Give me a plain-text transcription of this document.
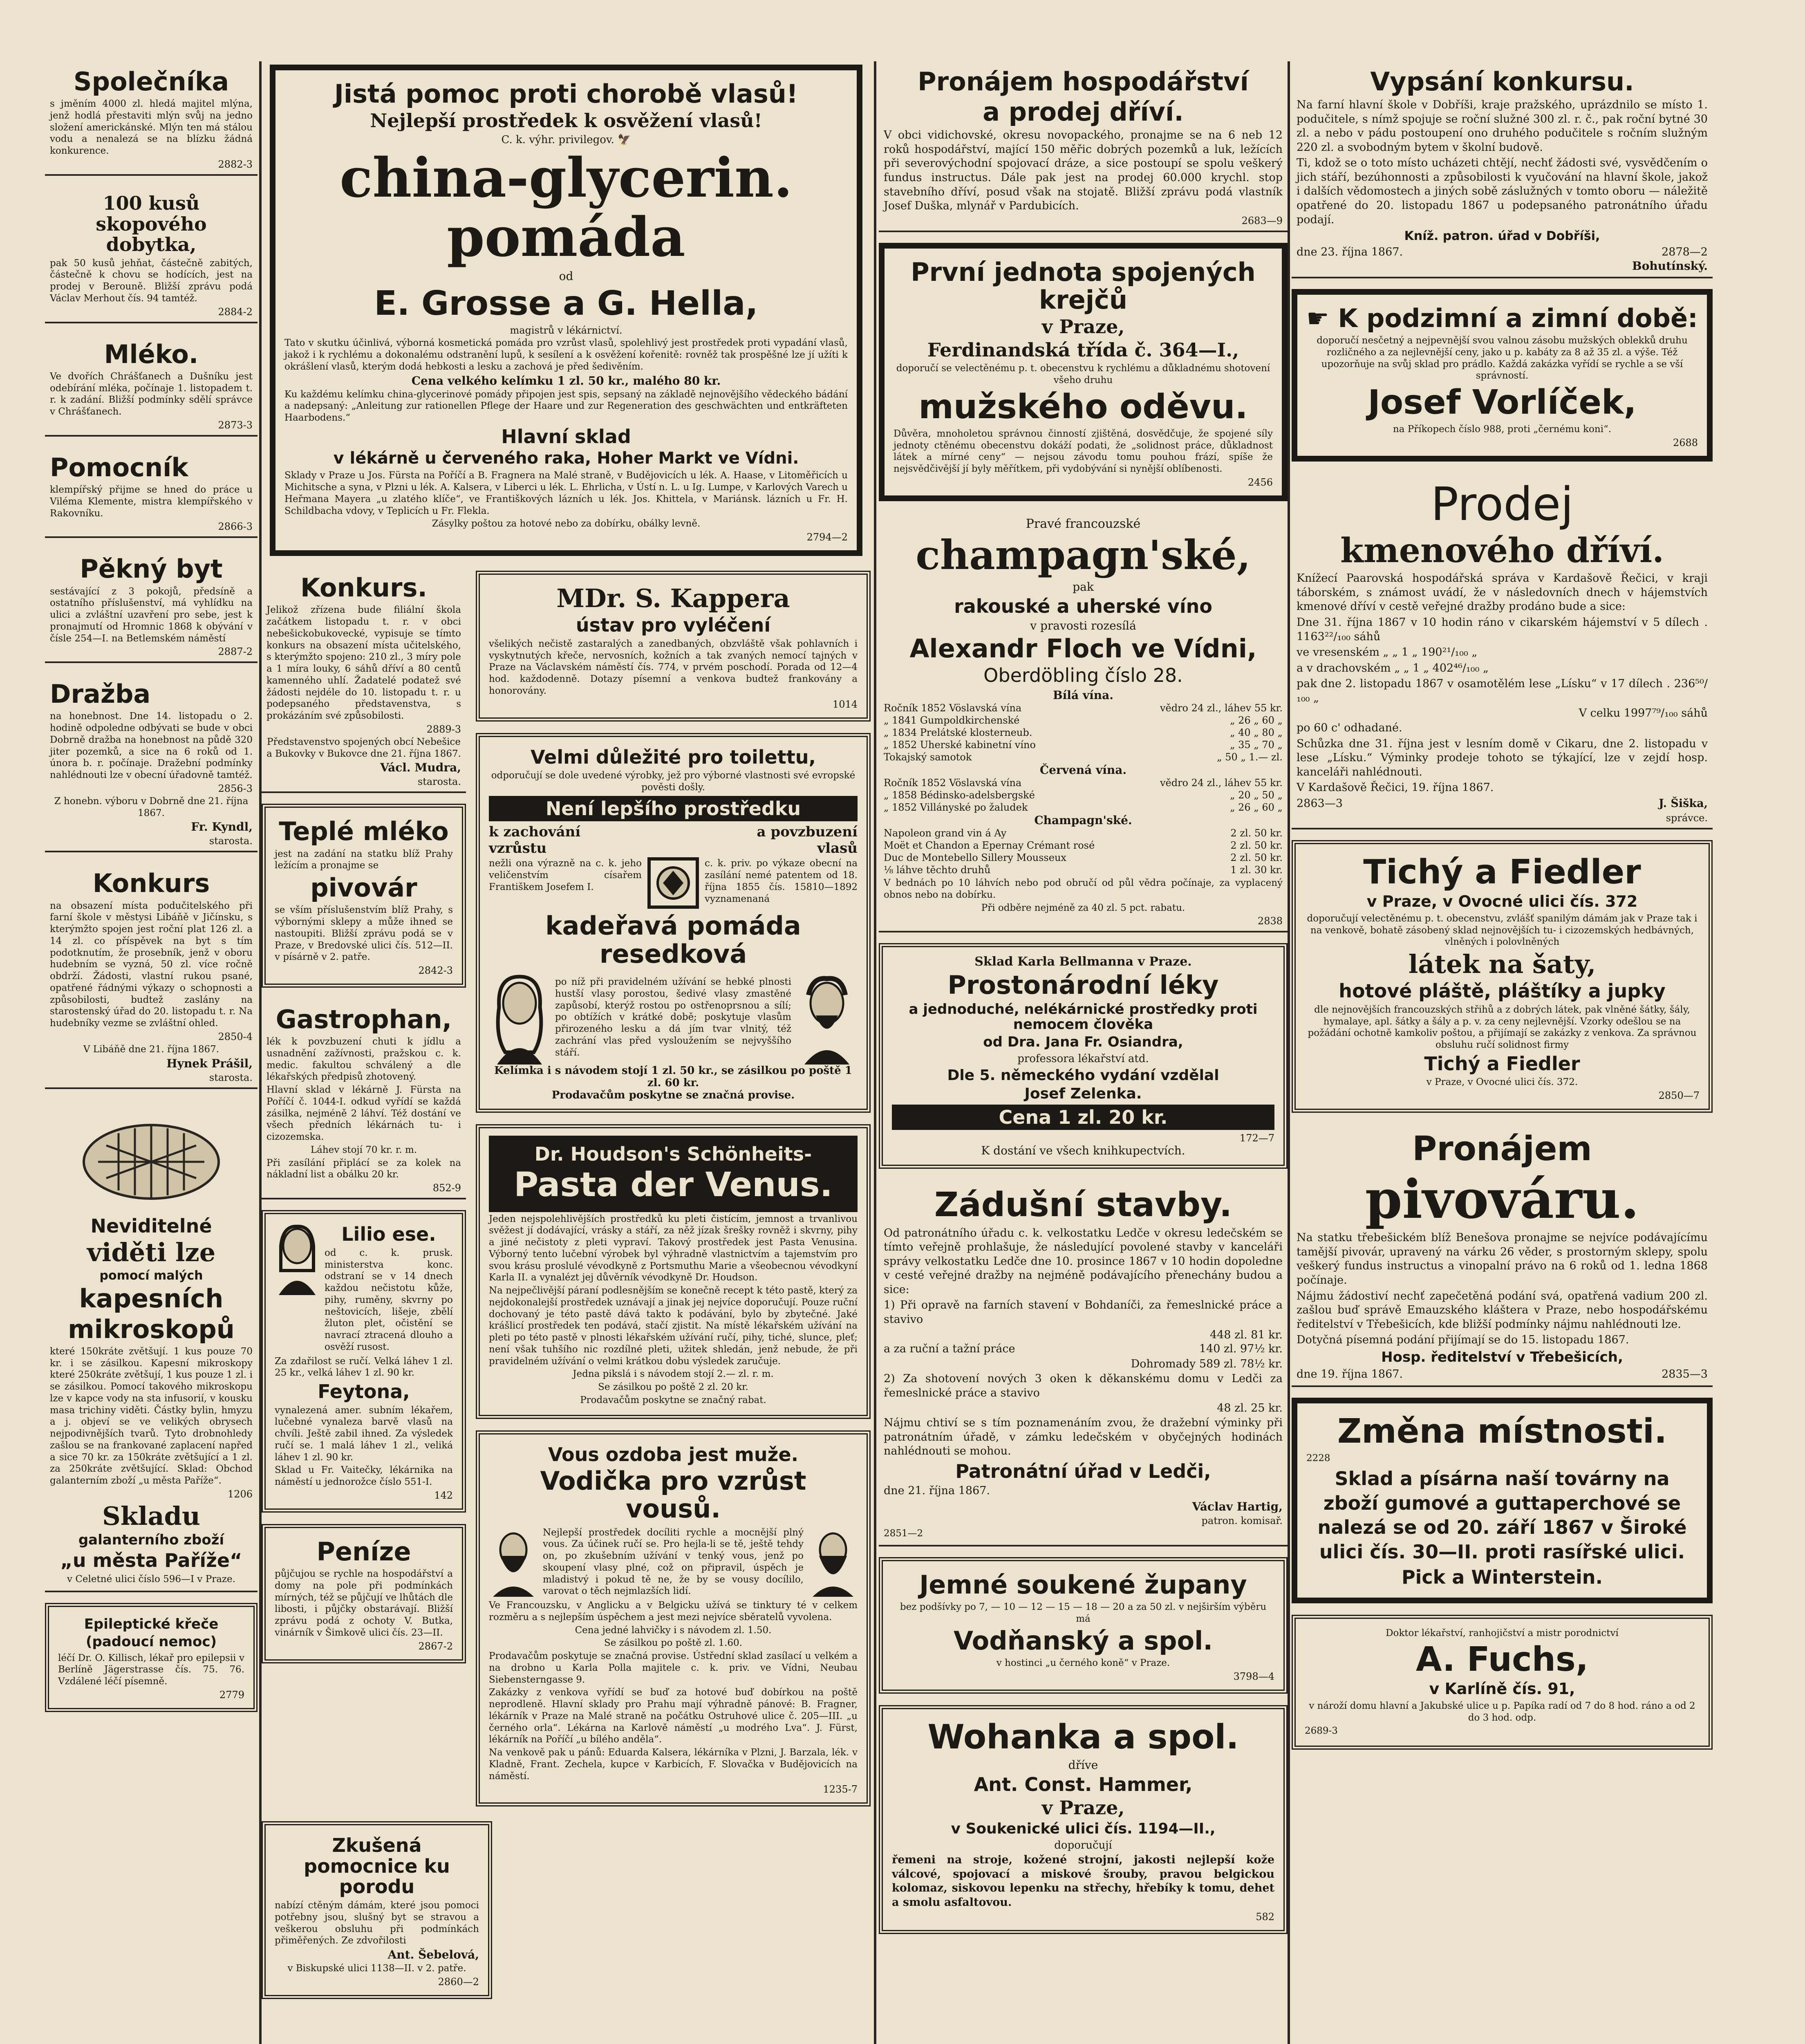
Společníka
s jměním 4000 zl. hledá majitel mlýna, jenž hodlá přestaviti mlýn svůj na jedno složení americkánské. Mlýn ten má stálou vodu a nenalezá se na blízku žádná konkurence.
2882-3
100 kusů skopového dobytka,
pak 50 kusů jehňat, částečně zabitých, částečně k chovu se hodících, jest na prodej v Berouně. Bližší zprávu podá Václav Merhout čís. 94 tamtéž.
2884-2
Mléko.
Ve dvořích Chrášťanech a Dušníku jest odebírání mléka, počínaje 1. listopadem t. r. k zadání. Bližší podmínky sdělí správce v Chrášťanech.
2873-3
Pomocník
klempířský přijme se hned do práce u Viléma Klemente, mistra klempířského v Rakovníku.
2866-3
Pěkný byt
sestávající z 3 pokojů, předsíně a ostatního příslušenství, má vyhlídku na ulici a zvláštní uzavření pro sebe, jest k pronajmutí od Hromnic 1868 k obývání v čísle 254—I. na Betlemském náměstí
2887-2
Dražba
na honebnost. Dne 14. listopadu o 2. hodině odpoledne odbývati se bude v obci Dobrně dražba na honebnost na půdě 320 jiter pozemků, a sice na 6 roků od 1. února b. r. počínaje. Dražební podmínky nahlédnouti lze v obecní úřadovně tamtéž.
2856-3
Z honebn. výboru v Dobrně dne 21. října 1867.
Fr. Kyndl,
starosta.
Konkurs
na obsazení místa podučitelského při farní škole v městysi Libáňě v Jičínsku, s kterýmžto spojen jest roční plat 126 zl. a 14 zl. co příspěvek na byt s tím podotknutím, že prosebník, jenž v oboru hudebním se vyzná, 50 zl. více ročně obdrží. Žádosti, vlastní rukou psané, opatřené řádnými výkazy o schopnosti a způsobilosti, budtež zaslány na starostenský úřad do 20. listopadu t. r. Na hudebníky vezme se zvláštní ohled.
2850-4
V Libáňě dne 21. října 1867.
Hynek Prášil,
starosta.
Neviditelné
viděti lze
pomocí malých
kapesních
mikroskopů
které 150kráte zvětšují. 1 kus pouze 70 kr. i se zásilkou. Kapesní mikroskopy které 250kráte zvětšují, 1 kus pouze 1 zl. i se zásilkou. Pomocí takového mikroskopu lze v kapce vody na sta infusorií, v kousku masa trichiny viděti. Částky bylin, hmyzu a j. objeví se ve velikých obrysech nejpodivnějších tvarů. Tyto drobnohledy zašlou se na frankované zaplacení napřed a sice 70 kr. za 150kráte zvětšující a 1 zl. za 250kráte zvětšující. Sklad: Obchod galanterním zboží „u města Paříže“.
1206
Skladu
galanterního zboží
„u města Paříže“
v Celetné ulici číslo 596—I v Praze.
Epileptické křeče
(padoucí nemoc)
léčí Dr. O. Killisch, lékař pro epilepsii v Berlíně Jägerstrasse čís. 75. 76. Vzdálené léčí písemně.
2779
Jistá pomoc proti chorobě vlasů!
Nejlepší prostředek k osvěžení vlasů!
C. k. výhr. privilegov. 🦅
china-glycerin. pomáda
od
E. Grosse a G. Hella,
magistrů v lékárnictví.
Tato v skutku účinlivá, výborná kosmetická pomáda pro vzrůst vlasů, spolehlivý jest prostředek proti vypadání vlasů, jakož i k rychlému a dokonalému odstranění lupů, k sesílení a k osvěžení kořenitě: rovněž tak prospěšné lze jí užíti k okrášlení vlasů, kterým dodá hebkosti a lesku a zachová je před šedivěním.
Cena velkého kelímku 1 zl. 50 kr., malého 80 kr.
Ku každému kelímku china-glycerinové pomády připojen jest spis, sepsaný na základě nejnovějšího vědeckého bádání a nadepsaný: „Anleitung zur rationellen Pflege der Haare und zur Regeneration des geschwächten und entkräfteten Haarbodens.“
Hlavní sklad
v lékárně u červeného raka, Hoher Markt ve Vídni.
Sklady v Praze u Jos. Fürsta na Poříčí a B. Fragnera na Malé straně, v Budějovicích u lék. A. Haase, v Litoměřicích u Michitsche a syna, v Plzni u lék. A. Kalsera, v Liberci u lék. L. Ehrlicha, v Ústí n. L. u Ig. Lumpe, v Karlových Varech u Heřmana Mayera „u zlatého klíče“, ve Františkových lázních u lék. Jos. Khittela, v Mariánsk. lázních u Fr. H. Schildbacha vdovy, v Teplicích u Fr. Flekla.
Zásylky poštou za hotové nebo za dobírku, obálky levně.
2794—2
Konkurs.
Jelikož zřízena bude filiální škola začátkem listopadu t. r. v obci nebešickobukovecké, vypisuje se tímto konkurs na obsazení místa učitelského, s kterýmžto spojeno: 210 zl., 3 míry pole a 1 míra louky, 6 sáhů dříví a 80 centů kamenného uhlí. Žadatelé podatež své žádosti nejdéle do 10. listopadu t. r. u podepsaného představenstva, s prokázáním své způsobilosti.
2889-3
Představenstvo spojených obcí Nebešice a Bukovky v Bukovce dne 21. října 1867.
Václ. Mudra,
starosta.
Teplé mléko
jest na zadání na statku blíž Prahy ležícím a pronajme se
pivovár
se vším příslušenstvím blíž Prahy, s výbornými sklepy a může ihned se nastoupiti. Bližší zprávu podá se v Praze, v Bredovské ulici čís. 512—II. v písárně v 2. patře.
2842-3
Gastrophan,
lék k povzbuzení chuti k jídlu a usnadnění zažívnosti, pražskou c. k. medic. fakultou schválený a dle lékařských předpisů zhotovený.
Hlavní sklad v lékárně J. Fürsta na Poříčí č. 1044-I. odkud vyřídí se každá zásilka, nejméně 2 láhví. Též dostání ve všech předních lékárnách tu- i cizozemska.
Láhev stojí 70 kr. r. m.
Při zasílání připlácí se za kolek na nákladní list a obálku 20 kr.
852-9
Lilio ese.
od c. k. prusk. ministerstva konc. odstraní se v 14 dnech každou nečistotu kůže, pihy, ruměny, skvrny po neštovicích, lišeje, zbělí žluton plet, očistění se navrací ztracená dlouho a osvěží rusost.
Za zdařilost se ručí. Velká láhev 1 zl. 25 kr., velká láhev 1 zl. 90 kr.
Feytona,
vynalezená amer. subním lékařem, lučebné vynaleza barvě vlasů na chvíli. Ještě zabil ihned. Za výsledek ručí se. 1 malá láhev 1 zl., veliká láhev 1 zl. 90 kr.
Sklad u Fr. Vaitečky, lékárnika na náměstí u jednorožce číslo 551-I.
142
Peníze
půjčujou se rychle na hospodářství a domy na pole při podmínkách mírných, též se půjčují ve lhůtách dle libosti, i půjčky obstarávají. Bližší zprávu podá z ochoty V. Butka, vinárník v Šimkově ulici čís. 23—II.
2867-2
MDr. S. Kappera
ústav pro vyléčení
všelikých nečistě zastaralých a zanedbaných, obzvláště však pohlavních i vyskytnutých křeče, nervosních, kožních a tak zvaných nemocí tajných v Praze na Václavském náměstí čís. 774, v prvém poschodí. Porada od 12—4 hod. každodenně. Dotazy písemní a venkova budtež frankovány a honorovány.
1014
Velmi důležité pro toilettu,
odporučují se dole uvedené výrobky, jež pro výborné vlastnosti své evropské pověsti došly.
Není lepšího prostředku
k zachování	a povzbuzení
vzrůstu	vlasů
nežli ona výrazně na c. k. jeho veličenstvím císařem Františkem Josefem I.
c. k. priv. po výkaze obecní na zasílání nemé patentem od 18. října 1855 čís. 15810—1892 vyznamenaná
kadeřavá pomáda resedková
po níž při pravidelném užívání se hebké plnosti hustší vlasy porostou, šedivé vlasy zmastěné zapůsobí, kterýž rostou po ostřenoprsnou a sílí; po obtížích v krátké době; poskytuje vlasům přirozeného lesku a dá jím tvar vlnitý, též zachrání vlas před vysloužením se nejvyššího stáří.
Kelímka i s návodem stojí 1 zl. 50 kr., se zásilkou po poště 1 zl. 60 kr.
Prodavačům poskytne se značná provise.
Dr. Houdson's Schönheits-
Pasta der Venus.
Jeden nejspolehlivějších prostředků ku pleti čistícím, jemnost a trvanlivou svěžest jí dodávající, vrásky a stáří, za něž jízak šrešky rovněž i skvrny, pihy a jiné nečistoty z pleti vypraví. Takový prostředek jest Pasta Venusina. Výborný tento lučební výrobek byl výhradně vlastnictvím a tajemstvím pro svou krásu proslulé vévodkyně z Portsmuthu Marie a všeobecnou vévodkyní Karla II. a vynalézt jej důvěrník vévodkyně Dr. Houdson.
Na nejpečlivější páraní podlesnějším se konečně recept k této pastě, který za nejdokonalejší prostředek uznávají a jinak jej nejvíce doporučují. Pouze ruční dochovaný je této pastě dává takto k podávání, bylo by zbytečné. Jaké krášlicí prostředek ten podává, stačí zjistit. Na místě lékařském užívání na pleti po této pastě v plnosti lékařském užívání ručí, pihy, tiché, slunce, pleť; není však tuhšího nic rozdílné pleti, užitek shledán, jenž nebude, že při pravidelném užívání o velmi krátkou dobu výsledek zaručuje.
Jedna pikslá i s návodem stojí 2.— zl. r. m.
Se zásilkou po poště 2 zl. 20 kr.
Prodavačům poskytne se značný rabat.
Vous ozdoba jest muže.
Vodička pro vzrůst vousů.
Nejlepší prostředek docíliti rychle a mocnější plný vous. Za účinek ručí se. Pro hejla-li se tě, ještě tehdy on, po zkušebním užívání v tenký vous, jenž po skoupení vlasy plné, což on připravil, úspěch je mladistvý i pokud tě ne, že by se vousy docílilo, varovat o těch nejmlazších lidí.
Ve Francouzsku, v Anglicku a v Belgicku užívá se tinktury té v celkem rozměru a s nejlepším úspěchem a jest mezi nejvíce sběratelů vyvolena.
Cena jedné lahvičky i s návodem zl. 1.50.
Se zásilkou po poště zl. 1.60.
Prodavačům poskytuje se značná provise. Ústřední sklad zasílací u velkém a na drobno u Karla Polla majitele c. k. priv. ve Vídni, Neubau Siebensterngasse 9.
Zakázky z venkova vyřídí se buď za hotové buď dobírkou na poště neprodleně. Hlavní sklady pro Prahu mají výhradně pánové: B. Fragner, lékárník v Praze na Malé straně na počátku Ostruhové ulice č. 205—III. „u černého orla“. Lékárna na Karlově náměstí „u modrého Lva“. J. Fürst, lékárník na Poříčí „u bílého anděla“.
Na venkově pak u pánů: Eduarda Kalsera, lékárníka v Plzni, J. Barzala, lék. v Kladně, Frant. Zechela, kupce v Karbicích, F. Slovačka v Budějovicích na náměstí.
1235-7
Zkušená pomocnice ku porodu
nabízí ctěným dámám, které jsou pomoci potřebny jsou, slušný byt se stravou a veškerou obsluhu při podmínkách přiměřených. Ze zdvořilosti
Ant. Šebelová,
v Biskupské ulici 1138—II. v 2. patře.
2860—2
Pronájem hospodářství
a prodej dříví.
V obci vidichovské, okresu novopackého, pronajme se na 6 neb 12 roků hospodářství, mající 150 měřic dobrých pozemků a luk, ležících při severovýchodní spojovací dráze, a sice postoupí se spolu veškerý fundus instructus. Dále pak jest na prodej 60.000 krychl. stop stavebního dříví, posud však na stojatě. Bližší zprávu podá vlastník Josef Duška, mlynář v Pardubicích.
2683—9
První jednota spojených krejčů
v Praze,
Ferdinandská třída č. 364—I.,
doporučí se velectěnému p. t. obecenstvu k rychlému a důkladnému shotovení všeho druhu
mužského oděvu.
Důvěra, mnoholetou správnou činností zjištěná, dosvědčuje, že spojené síly jednoty ctěnému obecenstvu dokáží podati, že „solidnost práce, důkladnost látek a mírné ceny“ — nejsou závodu tomu pouhou frází, spíše že nejsvědčivější jí byly měřítkem, při vydobývání si nynější oblíbenosti.
2456
Pravé francouzské
champagn'ské,
pak
rakouské a uherské víno
v pravosti rozesílá
Alexandr Floch ve Vídni,
Oberdöbling číslo 28.
Bílá vína.
Ročník 1852 Vöslavská vína	vědro 24 zl., láhev 55 kr.
„ 1841 Gumpoldkirchenské	„ 26 „ 60 „
„ 1834 Prelátské klosterneub.	„ 40 „ 80 „
„ 1852 Uherské kabinetní víno	„ 35 „ 70 „
Tokajský samotok	„ 50 „ 1.— zl.
Červená vína.
Ročník 1852 Vöslavská vína	vědro 24 zl., láhev 55 kr.
„ 1858 Bédinsko-adelsbergské	„ 20 „ 50 „
„ 1852 Villányské po žaludek	„ 26 „ 60 „
Champagn'ské.
Napoleon grand vin á Ay	2 zl. 50 kr.
Moët et Chandon a Epernay Crémant rosé	2 zl. 50 kr.
Duc de Montebello Sillery Mousseux	2 zl. 50 kr.
⅛ láhve těchto druhů	1 zl. 30 kr.
V bednách po 10 láhvích nebo pod obručí od půl vědra počínaje, za vyplacený obnos nebo na dobírku.
Při odběre nejméně za 40 zl. 5 pct. rabatu.
2838
Sklad Karla Bellmanna v Praze.
Prostonárodní léky
a jednoduché, nelékárnické prostředky proti nemocem člověka
od Dra. Jana Fr. Osiandra,
professora lékařství atd.
Dle 5. německého vydání vzdělal
Josef Zelenka.
Cena 1 zl. 20 kr.
172—7
K dostání ve všech knihkupectvích.
Zádušní stavby.
Od patronátního úřadu c. k. velkostatku Ledče v okresu ledečském se tímto veřejně prohlašuje, že následující povolené stavby v kanceláři správy velkostatku Ledče dne 10. prosince 1867 v 10 hodin dopoledne v cesté veřejné dražby na nejméně podávajícího přenechány budou a sice:
1) Při opravě na farních stavení v Bohdaníči, za řemeslnické práce a stavivo
448 zl. 81 kr.
a za ruční a tažní práce	140 zl. 97½ kr.
Dohromady 589 zl. 78½ kr.
2) Za shotovení nových 3 oken k děkanskému domu v Ledči za řemeslnické práce a stavivo
48 zl. 25 kr.
Nájmu chtiví se s tím poznamenáním zvou, že dražební výminky při patronátním úřadě, v zámku ledečském v obyčejných hodinách nahlédnouti se mohou.
Patronátní úřad v Ledči,
dne 21. října 1867.
Václav Hartig,
patron. komisař.
2851—2
Jemné soukené župany
bez podšívky po 7, — 10 — 12 — 15 — 18 — 20 a za 50 zl. v nejširším výběru má
Vodňanský a spol.
v hostinci „u černého koně“ v Praze.
3798—4
Wohanka a spol.
dříve
Ant. Const. Hammer,
v Praze,
v Soukenické ulici čís. 1194—II.,
doporučují
řemeni na stroje, kožené strojní, jakosti nejlepší kože válcové, spojovací a miskové šrouby, pravou belgickou kolomaz, siskovou lepenku na střechy, hřebíky k tomu, dehet a smolu asfaltovou.
582
Vypsání konkursu.
Na farní hlavní škole v Dobříši, kraje pražského, uprázdnilo se místo 1. podučitele, s nímž spojuje se roční služné 300 zl. r. č., pak roční bytné 30 zl. a nebo v pádu postoupení ono druhého podučitele s ročním služným 220 zl. a svobodným bytem v školní budově.
Ti, kdož se o toto místo ucházeti chtějí, nechť žádosti své, vysvědčením o jich stáří, bezúhonnosti a způsobilosti k vyučování na hlavní škole, jakož i dalších vědomostech a jiných sobě záslužných v tomto oboru — náležitě opatřené do 20. listopadu 1867 u podepsaného patronátního úřadu podají.
Kníž. patron. úřad v Dobříši,
dne 23. října 1867.	2878—2
Bohutínský.
☛ K podzimní a zimní době:
doporučí nesčetný a nejpevnější svou valnou zásobu mužských oblekků druhu rozličného a za nejlevnější ceny, jako u p. kabáty za 8 až 35 zl. a výše. Též upozorňuje na svůj sklad pro prádlo. Každá zakázka vyřídí se rychle a se vší správností.
Josef Vorlíček,
na Příkopech číslo 988, proti „černému koni“.
2688
Prodej
kmenového dříví.
Knížecí Paarovská hospodářská správa v Kardašově Řečici, v kraji táborském, s známost uvádí, že v následovních dnech v hájemstvích kmenové dříví v cestě veřejné dražby prodáno bude a sice:
Dne 31. října 1867 v 10 hodin ráno v cikarském hájemství v 5 dílech . 1163²²/₁₀₀ sáhů
ve vresenském „ „ 1 „ 190²¹/₁₀₀ „
a v drachovském „ „ 1 „ 402⁴⁶/₁₀₀ „
pak dne 2. listopadu 1867 v osamotělém lese „Lísku“ v 17 dílech . 236⁵⁰/₁₀₀ „
V celku 1997⁷⁹/₁₀₀ sáhů
po 60 c' odhadané.
Schůzka dne 31. října jest v lesním domě v Cikaru, dne 2. listopadu v lese „Lísku.“ Výminky prodeje tohoto se týkající, lze v zejdí hosp. kanceláři nahlédnouti.
V Kardašově Řečici, 19. října 1867.
2863—3	J. Šiška,
správce.
Tichý a Fiedler
v Praze, v Ovocné ulici čís. 372
doporučují velectěnému p. t. obecenstvu, zvlášť spanilým dámám jak v Praze tak i na venkově, bohatě zásobený sklad nejnovějších tu- i cizozemských hedbávných, vlněných i polovlněných
látek na šaty,
hotové pláště, pláštíky a jupky
dle nejnovějších francouzských střihů a z dobrých látek, pak vlněné šátky, šály, hymalaye, apl. šátky a šály a p. v. za ceny nejlevnější. Vzorky odešlou se na požádání ochotně kamkoliv poštou, a přijímají se zakázky z venkova. Za správnou obsluhu ručí solidnost firmy
Tichý a Fiedler
v Praze, v Ovocné ulici čís. 372.
2850—7
Pronájem
pivováru.
Na statku třebešickém blíž Benešova pronajme se nejvíce podávajícímu tamější pivovár, upravený na várku 26 věder, s prostorným sklepy, spolu veškerý fundus instructus a vinopalní právo na 6 roků od 1. ledna 1868 počínaje.
Nájmu žádostiví nechť zapečetěná podání svá, opatřená vadium 200 zl. zašlou buď správě Emauzského kláštera v Praze, nebo hospodářskému ředitelství v Třebešicích, kde bližší podmínky nájmu nahlédnouti lze.
Dotyčná písemná podání přijímají se do 15. listopadu 1867.
Hosp. ředitelství v Třebešicích,
dne 19. října 1867.	2835—3
Změna místnosti.
2228
Sklad a písárna naší továrny na zboží gumové a guttaperchové se nalezá se od 20. září 1867 v Široké ulici čís. 30—II. proti rasířské ulici.
Pick a Winterstein.
Doktor lékařství, ranhojičství a mistr porodnictví
A. Fuchs,
v Karlíně čís. 91,
v nároží domu hlavní a Jakubské ulice u p. Papíka radí od 7 do 8 hod. ráno a od 2 do 3 hod. odp.
2689-3
